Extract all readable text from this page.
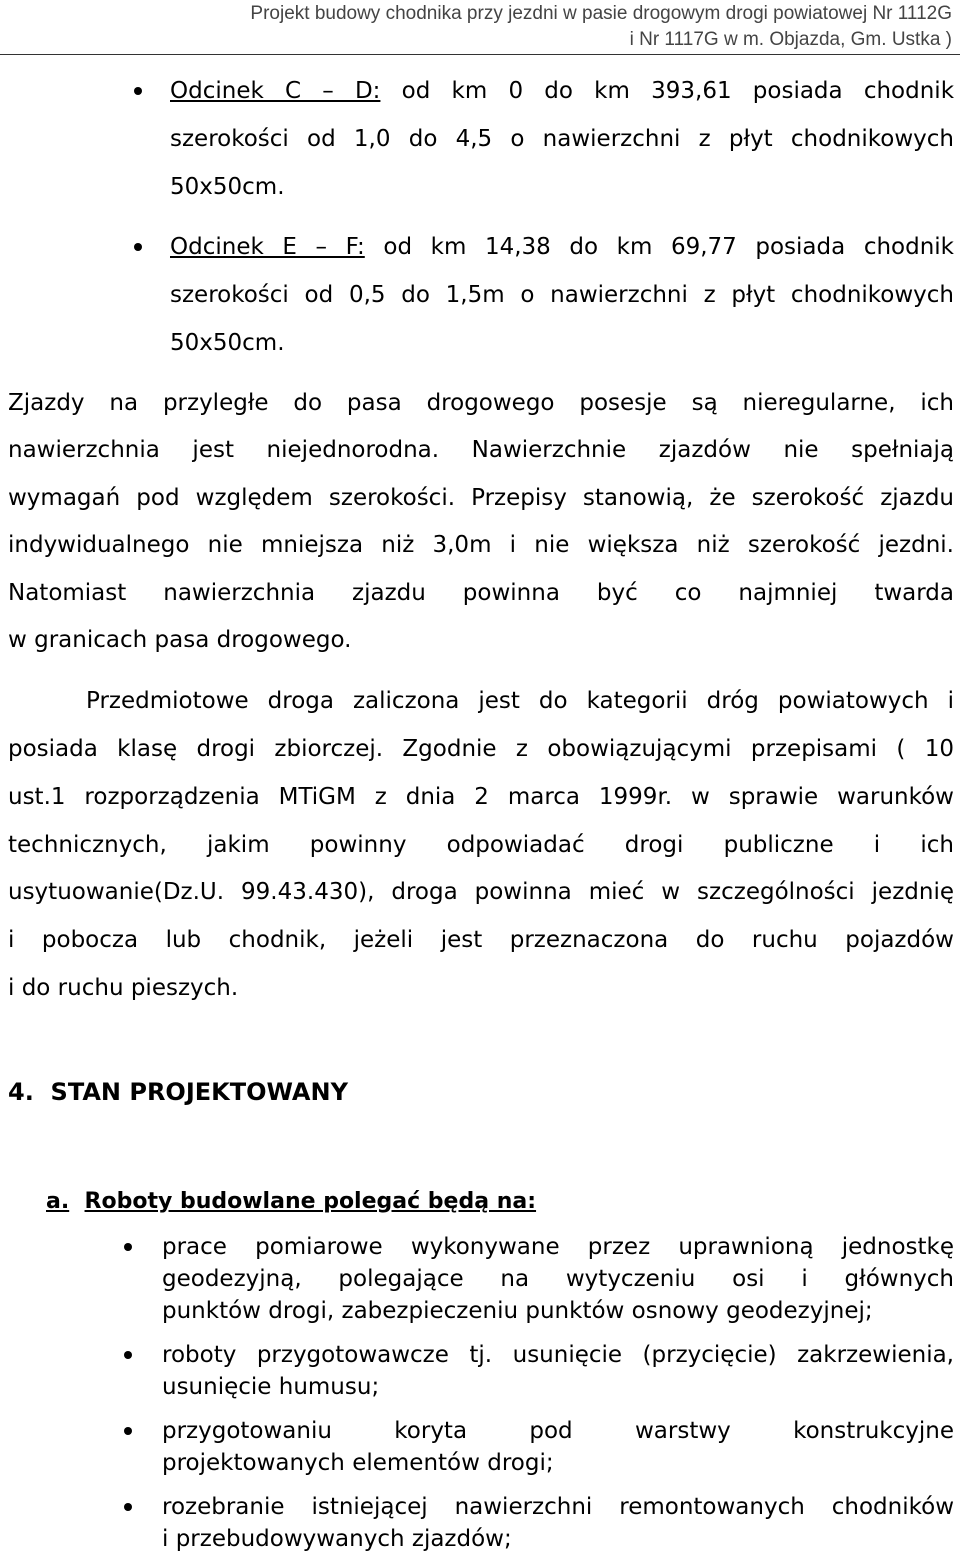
Projekt budowy chodnika przy jezdni w pasie drogowym drogi powiatowej Nr 1112G
i Nr 1117G w m. Objazda, Gm. Ustka )
Odcinek C – D: od km 0 do km 393,61 posiada chodnik
szerokości od 1,0 do 4,5 o nawierzchni z płyt chodnikowych
50x50cm.
Odcinek E – F: od km 14,38 do km 69,77 posiada chodnik
szerokości od 0,5 do 1,5m o nawierzchni z płyt chodnikowych
50x50cm.
Zjazdy na przyległe do pasa drogowego posesje są nieregularne, ich
nawierzchnia jest niejednorodna. Nawierzchnie zjazdów nie spełniają
wymagań pod względem szerokości. Przepisy stanowią, że szerokość zjazdu
indywidualnego nie mniejsza niż 3,0m i nie większa niż szerokość jezdni.
Natomiast nawierzchnia zjazdu powinna być co najmniej twarda
w granicach pasa drogowego.
Przedmiotowe droga zaliczona jest do kategorii dróg powiatowych i
posiada klasę drogi zbiorczej. Zgodnie z obowiązującymi przepisami ( 10
ust.1 rozporządzenia MTiGM z dnia 2 marca 1999r. w sprawie warunków
technicznych, jakim powinny odpowiadać drogi publiczne i ich
usytuowanie(Dz.U. 99.43.430), droga powinna mieć w szczególności jezdnię
i pobocza lub chodnik, jeżeli jest przeznaczona do ruchu pojazdów
i do ruchu pieszych.
4. STAN PROJEKTOWANY
a. Roboty budowlane polegać będą na:
prace pomiarowe wykonywane przez uprawnioną jednostkę
geodezyjną, polegające na wytyczeniu osi i głównych
punktów drogi, zabezpieczeniu punktów osnowy geodezyjnej;
roboty przygotowawcze tj. usunięcie (przycięcie) zakrzewienia,
usunięcie humusu;
przygotowaniu koryta pod warstwy konstrukcyjne
projektowanych elementów drogi;
rozebranie istniejącej nawierzchni remontowanych chodników
i przebudowywanych zjazdów;
